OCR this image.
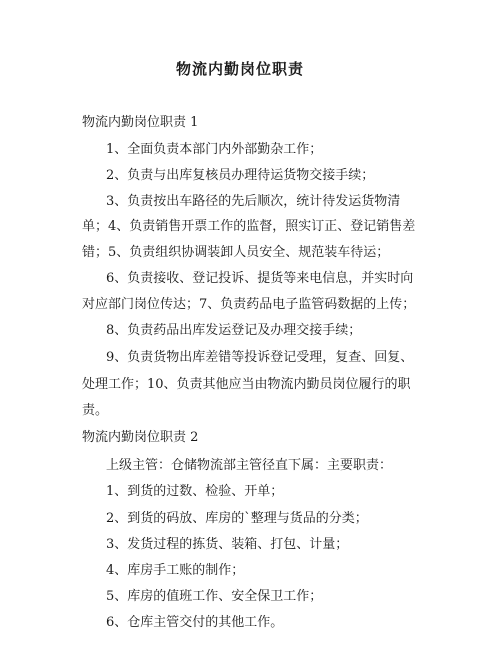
物流内勤岗位职责
物流内勤岗位职责 1
1、全面负责本部门内外部勤杂工作；
2、负责与出库复核员办理待运货物交接手续；
3、负责按出车路径的先后顺次，统计待发运货物清
单；4、负责销售开票工作的监督，照实订正、登记销售差
错；5、负责组织协调装卸人员安全、规范装车待运；
6、负责接收、登记投诉、提货等来电信息，并实时向
对应部门岗位传达；7、负责药品电子监管码数据的上传；
8、负责药品出库发运登记及办理交接手续；
9、负责货物出库差错等投诉登记受理，复查、回复、
处理工作；10、负责其他应当由物流内勤员岗位履行的职
责。
物流内勤岗位职责 2
上级主管：仓储物流部主管径直下属：主要职责：
1、到货的过数、检验、开单；
2、到货的码放、库房的`整理与货品的分类；
3、发货过程的拣货、装箱、打包、计量；
4、库房手工账的制作；
5、库房的值班工作、安全保卫工作；
6、仓库主管交付的其他工作。
